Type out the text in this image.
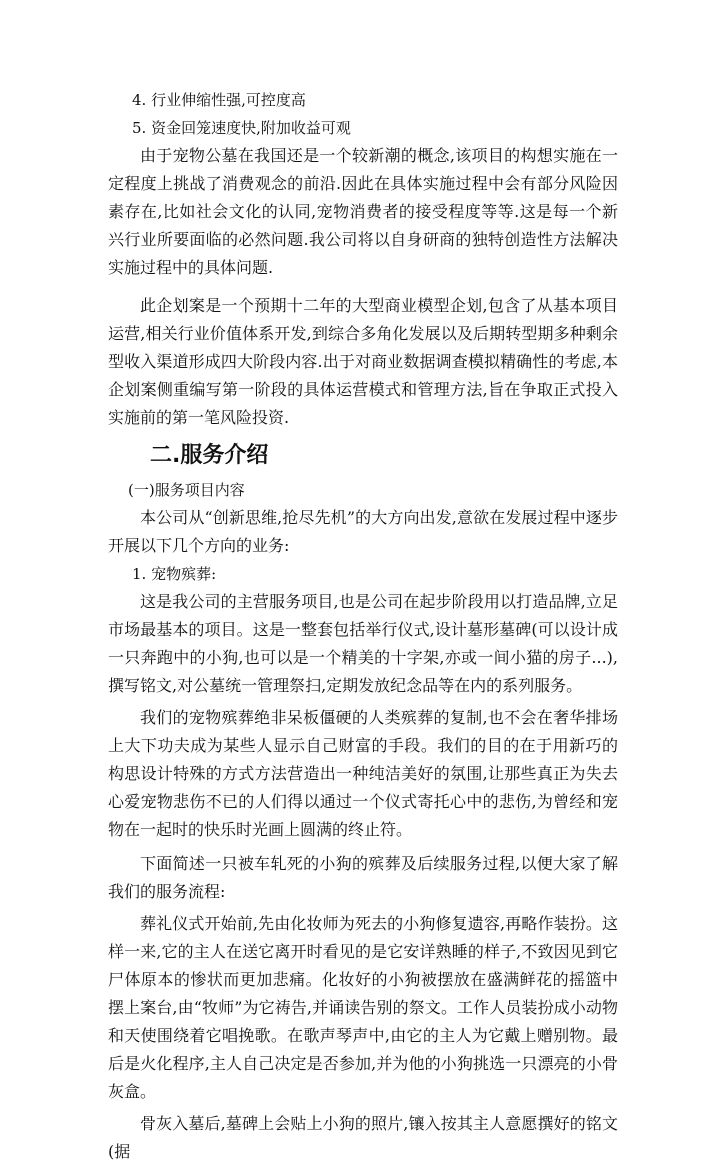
4. 行业伸缩性强,可控度高

5. 资金回笼速度快,附加收益可观

由于宠物公墓在我国还是一个较新潮的概念,该项目的构想实施在一定程度上挑战了消费观念的前沿.因此在具体实施过程中会有部分风险因素存在,比如社会文化的认同,宠物消费者的接受程度等等.这是每一个新兴行业所要面临的必然问题.我公司将以自身研商的独特创造性方法解决实施过程中的具体问题.

此企划案是一个预期十二年的大型商业模型企划,包含了从基本项目运营,相关行业价值体系开发,到综合多角化发展以及后期转型期多种剩余型收入渠道形成四大阶段内容.出于对商业数据调查模拟精确性的考虑,本企划案侧重编写第一阶段的具体运营模式和管理方法,旨在争取正式投入实施前的第一笔风险投资.

二.服务介绍

(一)服务项目内容

本公司从“创新思维,抢尽先机”的大方向出发,意欲在发展过程中逐步开展以下几个方向的业务:

1. 宠物殡葬:

这是我公司的主营服务项目,也是公司在起步阶段用以打造品牌,立足市场最基本的项目。这是一整套包括举行仪式,设计墓形墓碑(可以设计成一只奔跑中的小狗,也可以是一个精美的十字架,亦或一间小猫的房子...),撰写铭文,对公墓统一管理祭扫,定期发放纪念品等在内的系列服务。

我们的宠物殡葬绝非呆板僵硬的人类殡葬的复制,也不会在奢华排场上大下功夫成为某些人显示自己财富的手段。我们的目的在于用新巧的构思设计特殊的方式方法营造出一种纯洁美好的氛围,让那些真正为失去心爱宠物悲伤不已的人们得以通过一个仪式寄托心中的悲伤,为曾经和宠物在一起时的快乐时光画上圆满的终止符。

下面简述一只被车轧死的小狗的殡葬及后续服务过程,以便大家了解我们的服务流程:

葬礼仪式开始前,先由化妆师为死去的小狗修复遗容,再略作装扮。这样一来,它的主人在送它离开时看见的是它安详熟睡的样子,不致因见到它尸体原本的惨状而更加悲痛。化妆好的小狗被摆放在盛满鲜花的摇篮中摆上案台,由“牧师”为它祷告,并诵读告别的祭文。工作人员装扮成小动物和天使围绕着它唱挽歌。在歌声琴声中,由它的主人为它戴上赠别物。最后是火化程序,主人自己决定是否参加,并为他的小狗挑选一只漂亮的小骨灰盒。

骨灰入墓后,墓碑上会贴上小狗的照片,镶入按其主人意愿撰好的铭文(据
